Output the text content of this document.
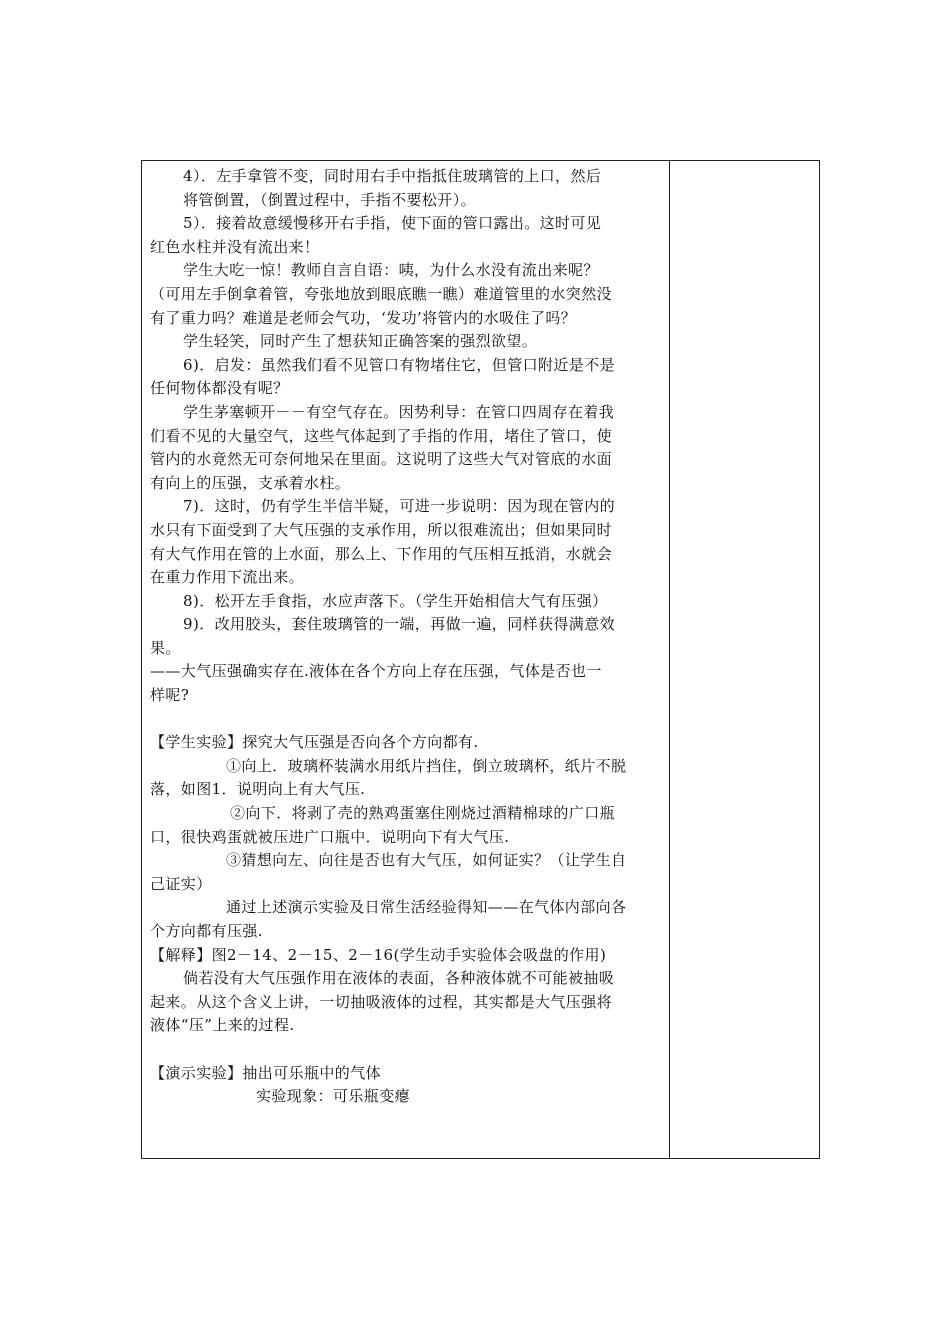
4）．左手拿管不变，同时用右手中指抵住玻璃管的上口，然后
将管倒置，（倒置过程中，手指不要松开）。
5）．接着故意缓慢移开右手指，使下面的管口露出。这时可见
红色水柱并没有流出来！
学生大吃一惊！教师自言自语：咦，为什么水没有流出来呢？
（可用左手倒拿着管，夸张地放到眼底瞧一瞧）难道管里的水突然没
有了重力吗？难道是老师会气功，‘发功’将管内的水吸住了吗？
学生轻笑，同时产生了想获知正确答案的强烈欲望。
6)．启发：虽然我们看不见管口有物堵住它，但管口附近是不是
任何物体都没有呢？
学生茅塞顿开－－有空气存在。因势利导：在管口四周存在着我
们看不见的大量空气，这些气体起到了手指的作用，堵住了管口，使
管内的水竟然无可奈何地呆在里面。这说明了这些大气对管底的水面
有向上的压强，支承着水柱。
7)．这时，仍有学生半信半疑，可进一步说明：因为现在管内的
水只有下面受到了大气压强的支承作用，所以很难流出；但如果同时
有大气作用在管的上水面，那么上、下作用的气压相互抵消，水就会
在重力作用下流出来。
8)．松开左手食指，水应声落下。（学生开始相信大气有压强）
9)．改用胶头，套住玻璃管的一端，再做一遍，同样获得满意效
果。
——大气压强确实存在.液体在各个方向上存在压强，气体是否也一
样呢?
【学生实验】探究大气压强是否向各个方向都有.
①向上．玻璃杯装满水用纸片挡住，倒立玻璃杯，纸片不脱
落，如图1．说明向上有大气压.
②向下．将剥了壳的熟鸡蛋塞住刚烧过酒精棉球的广口瓶
口，很快鸡蛋就被压进广口瓶中．说明向下有大气压.
③猜想向左、向往是否也有大气压，如何证实？（让学生自
己证实）
通过上述演示实验及日常生活经验得知——在气体内部向各
个方向都有压强.
【解释】图2－14、2－15、2－16(学生动手实验体会吸盘的作用)
倘若没有大气压强作用在液体的表面，各种液体就不可能被抽吸
起来。从这个含义上讲，一切抽吸液体的过程，其实都是大气压强将
液体“压”上来的过程.
【演示实验】抽出可乐瓶中的气体
实验现象：可乐瓶变瘪
